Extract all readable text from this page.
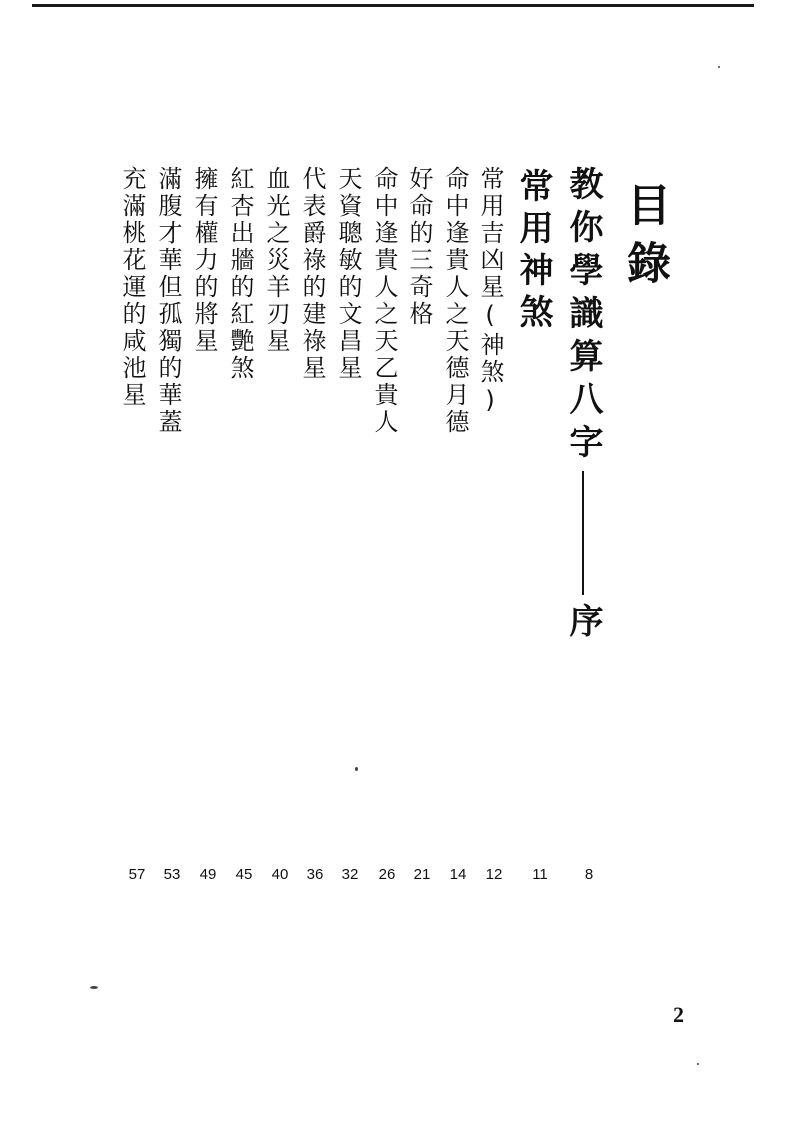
目錄
教你學識算八字序
常用神煞
常用吉凶星(神煞)
命中逢貴人之天德月德
好命的三奇格
命中逢貴人之天乙貴人
天資聰敏的文昌星
代表爵祿的建祿星
血光之災羊刃星
紅杏出牆的紅艷煞
擁有權力的將星
滿腹才華但孤獨的華蓋
充滿桃花運的咸池星
8
11
12
14
21
26
32
36
40
45
49
53
57
2
